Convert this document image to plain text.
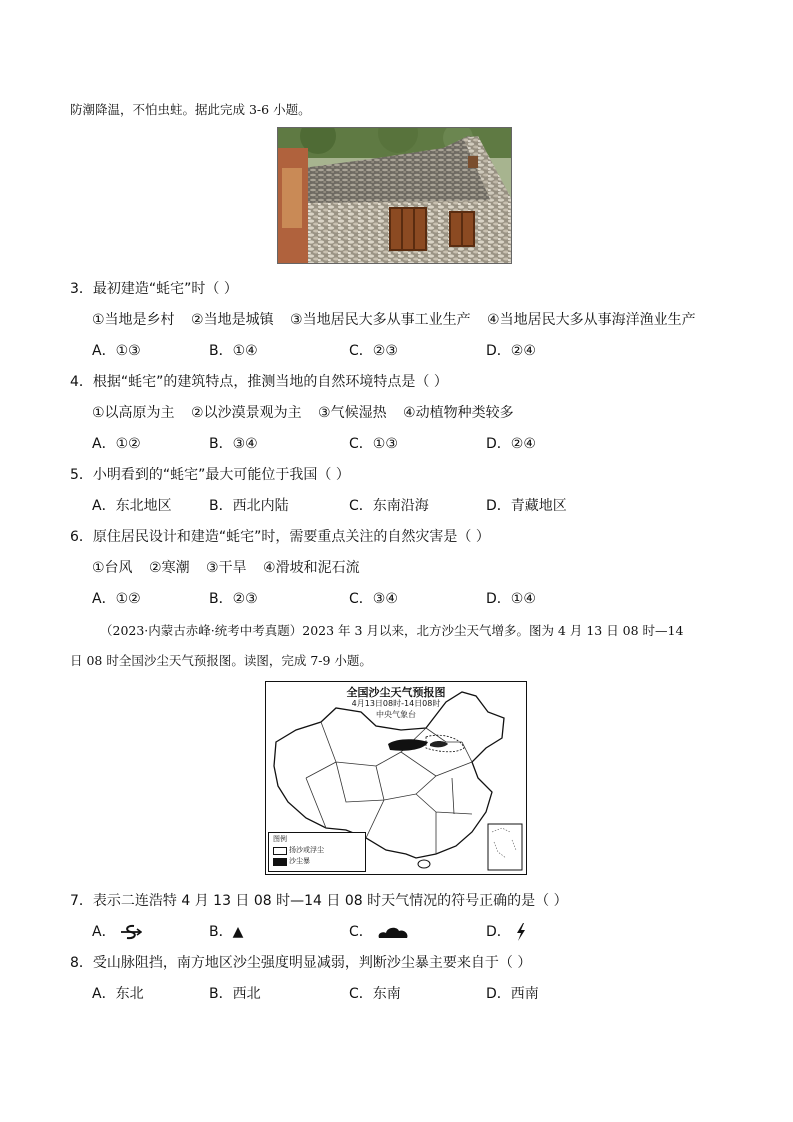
防潮降温，不怕虫蛀。据此完成 3-6 小题。
3．最初建造“蚝宅”时（ ）
①当地是乡村 ②当地是城镇 ③当地居民大多从事工业生产 ④当地居民大多从事海洋渔业生产
A．①③	B．①④	C．②③	D．②④
4．根据“蚝宅”的建筑特点，推测当地的自然环境特点是（ ）
①以高原为主 ②以沙漠景观为主 ③气候湿热 ④动植物种类较多
A．①②	B．③④	C．①③	D．②④
5．小明看到的“蚝宅”最大可能位于我国（ ）
A．东北地区	B．西北内陆	C．东南沿海	D．青藏地区
6．原住居民设计和建造“蚝宅”时，需要重点关注的自然灾害是（ ）
①台风 ②寒潮 ③干旱 ④滑坡和泥石流
A．①②	B．②③	C．③④	D．①④
（2023·内蒙古赤峰·统考中考真题）2023 年 3 月以来，北方沙尘天气增多。图为 4 月 13 日 08 时—14
日 08 时全国沙尘天气预报图。读图，完成 7-9 小题。
全国沙尘天气预报图
4月13日08时-14日08时
中央气象台
图例
扬沙或浮尘
沙尘暴
7．表示二连浩特 4 月 13 日 08 时—14 日 08 时天气情况的符号正确的是（ ）
A．	B．▲	C．	D．
8．受山脉阻挡，南方地区沙尘强度明显减弱，判断沙尘暴主要来自于（ ）
A．东北	B．西北	C．东南	D．西南
